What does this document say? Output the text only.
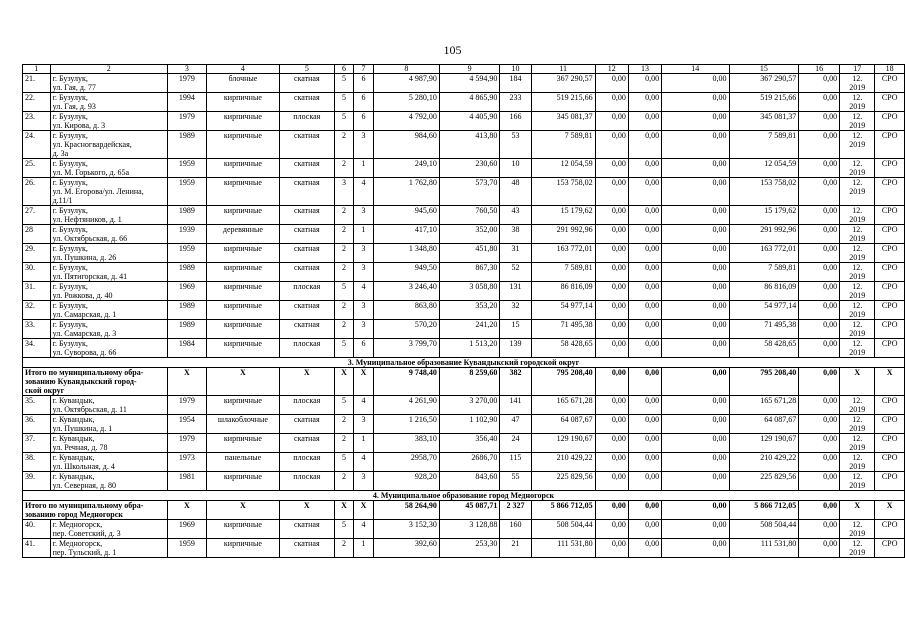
105
1	2	3	4	5	6	7	8	9	10	11	12	13	14	15	16	17	18
21.	г. Бузулук,
ул. Гая, д. 77	1979	блочные	скатная	5	6	4 987,90	4 594,90	184	367 290,57	0,00	0,00	0,00	367 290,57	0,00	12.
2019	СРО
22.	г. Бузулук,
ул. Гая, д. 93	1994	кирпичные	скатная	5	6	5 280,10	4 865,90	233	519 215,66	0,00	0,00	0,00	519 215,66	0,00	12.
2019	СРО
23.	г. Бузулук,
ул. Кирова, д. 3	1979	кирпичные	плоская	5	6	4 792,00	4 405,90	166	345 081,37	0,00	0,00	0,00	345 081,37	0,00	12.
2019	СРО
24.	г. Бузулук,
ул. Красногвардейская,
д. 3а	1989	кирпичные	скатная	2	3	984,60	413,80	53	7 589,81	0,00	0,00	0,00	7 589,81	0,00	12.
2019	СРО
25.	г. Бузулук,
ул. М. Горького, д. 65а	1959	кирпичные	скатная	2	1	249,10	230,60	10	12 054,59	0,00	0,00	0,00	12 054,59	0,00	12.
2019	СРО
26.	г. Бузулук,
ул. М. Егорова/ул. Ленина,
д.11/1	1959	кирпичные	скатная	3	4	1 762,80	573,70	48	153 758,02	0,00	0,00	0,00	153 758,02	0,00	12.
2019	СРО
27.	г. Бузулук,
ул. Нефтяников, д. 1	1989	кирпичные	скатная	2	3	945,60	760,50	43	15 179,62	0,00	0,00	0,00	15 179,62	0,00	12.
2019	СРО
28	г. Бузулук,
ул. Октябрьская, д. 66	1939	деревянные	скатная	2	1	417,10	352,00	38	291 992,96	0,00	0,00	0,00	291 992,96	0,00	12.
2019	СРО
29.	г. Бузулук,
ул. Пушкина, д. 26	1959	кирпичные	скатная	2	3	1 348,80	451,80	31	163 772,01	0,00	0,00	0,00	163 772,01	0,00	12.
2019	СРО
30.	г. Бузулук,
ул. Пятигорская, д. 41	1989	кирпичные	скатная	2	3	949,50	867,30	52	7 589,81	0,00	0,00	0,00	7 589,81	0,00	12.
2019	СРО
31.	г. Бузулук,
ул. Рожкова, д. 40	1969	кирпичные	плоская	5	4	3 246,40	3 058,80	131	86 816,09	0,00	0,00	0,00	86 816,09	0,00	12.
2019	СРО
32.	г. Бузулук,
ул. Самарская, д. 1	1989	кирпичные	скатная	2	3	863,80	353,20	32	54 977,14	0,00	0,00	0,00	54 977,14	0,00	12.
2019	СРО
33.	г. Бузулук,
ул. Самарская, д. 3	1989	кирпичные	скатная	2	3	570,20	241,20	15	71 495,38	0,00	0,00	0,00	71 495,38	0,00	12.
2019	СРО
34.	г. Бузулук,
ул. Суворова, д. 66	1984	кирпичные	плоская	5	6	3 799,70	1 513,20	139	58 428,65	0,00	0,00	0,00	58 428,65	0,00	12.
2019	СРО
3. Муниципальное образование Кувандыкский городской округ																	

Итого по муниципальному обра-
зованию Кувандыкский город-
ской округ		X	X	X	X	X	9 748,40	8 259,60	382	795 208,40	0,00	0,00	0,00	795 208,40	0,00	X	X
35.	г. Кувандык,
ул. Октябрьская, д. 11	1979	кирпичные	плоская	5	4	4 261,90	3 270,00	141	165 671,28	0,00	0,00	0,00	165 671,28	0,00	12.
2019	СРО
36.	г. Кувандык,
ул. Пушкина, д. 1	1954	шлакоблочные	скатная	2	3	1 216,50	1 102,90	47	64 087,67	0,00	0,00	0,00	64 087,67	0,00	12.
2019	СРО
37.	г. Кувандык,
ул. Речная, д. 78	1979	кирпичные	скатная	2	1	383,10	356,40	24	129 190,67	0,00	0,00	0,00	129 190,67	0,00	12.
2019	СРО
38.	г. Кувандык,
ул. Школьная, д. 4	1973	панельные	плоская	5	4	2958,70	2686,70	115	210 429,22	0,00	0,00	0,00	210 429,22	0,00	12.
2019	СРО
39.	г. Кувандык,
ул. Северная, д. 80	1981	кирпичные	плоская	2	3	928,20	843,60	55	225 829,56	0,00	0,00	0,00	225 829,56	0,00	12.
2019	СРО
4. Муниципальное образование город Медногорск																	

Итого по муниципальному обра-
зованию город Медногорск		X	X	X	X	X	58 264,90	45 087,71	2 327	5 866 712,05	0,00	0,00	0,00	5 866 712,05	0,00	X	X
40.	г. Медногорск,
пер. Советский, д. 3	1969	кирпичные	скатная	5	4	3 152,30	3 128,88	160	508 504,44	0,00	0,00	0,00	508 504,44	0,00	12.
2019	СРО
41.	г. Медногорск,
пер. Тульский, д. 1	1959	кирпичные	скатная	2	1	392,60	253,30	21	111 531,80	0,00	0,00	0,00	111 531,80	0,00	12.
2019	СРО
